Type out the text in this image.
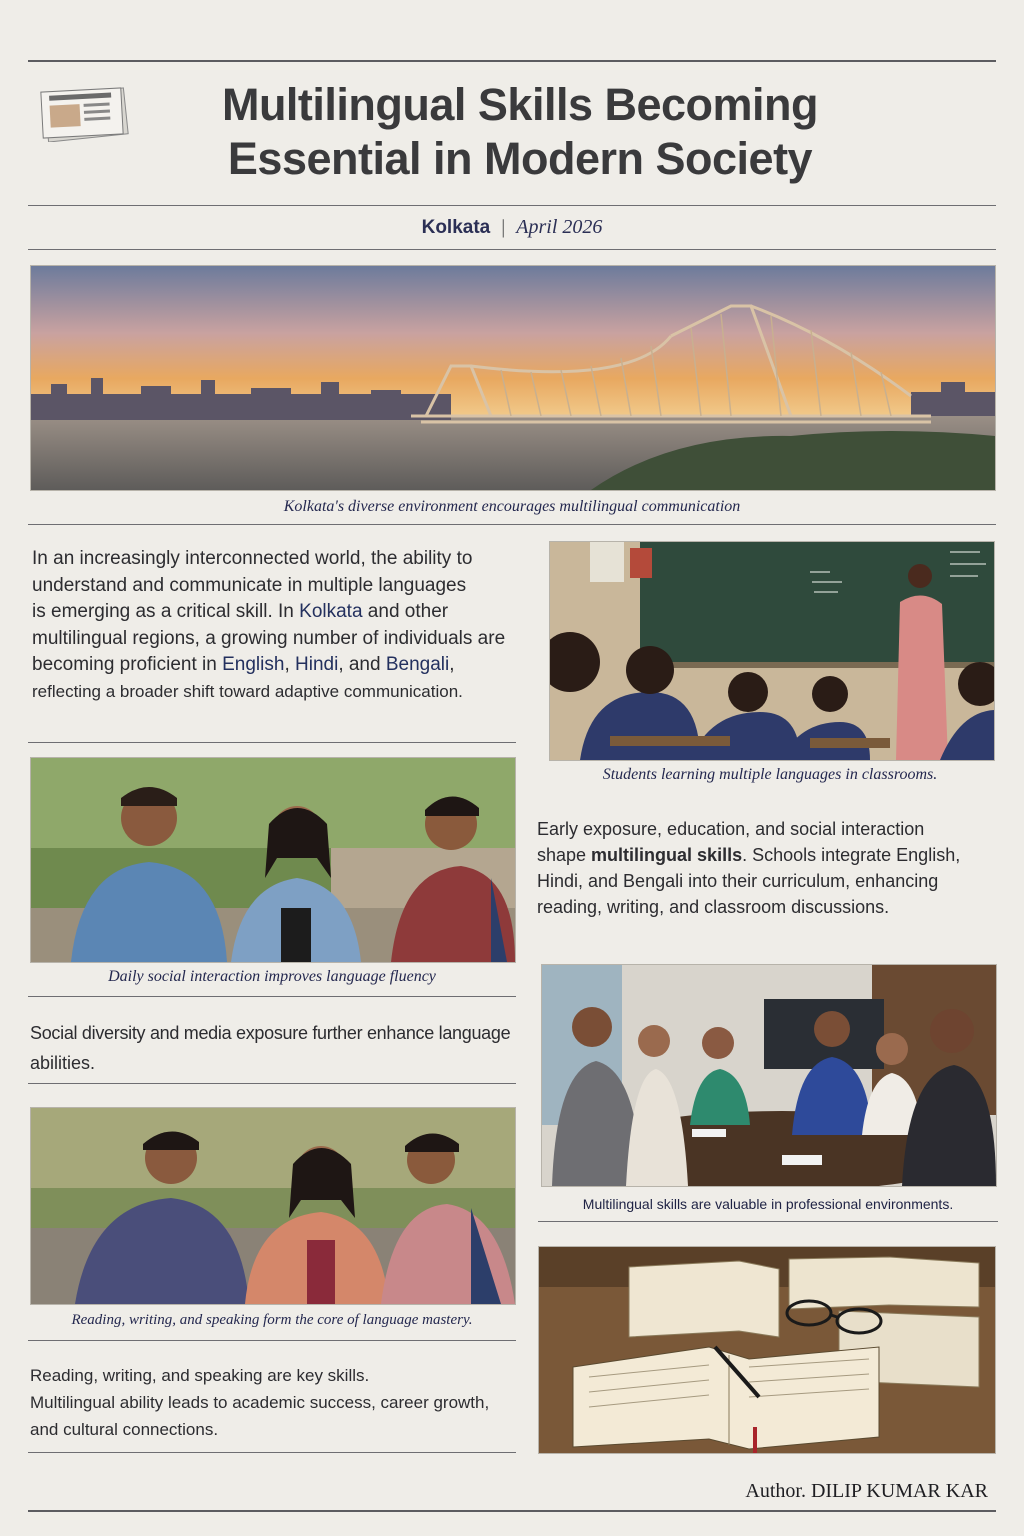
Multilingual Skills Becoming
Essential in Modern Society
Kolkata | April 2026
Kolkata's diverse environment encourages multilingual communication
In an increasingly interconnected world, the ability to
understand and communicate in multiple languages
is emerging as a critical skill. In Kolkata and other
multilingual regions, a growing number of individuals are
becoming proficient in English, Hindi, and Bengali,
reflecting a broader shift toward adaptive communication.
Students learning multiple languages in classrooms.
Daily social interaction improves language fluency
Early exposure, education, and social interaction
shape multilingual skills. Schools integrate English,
Hindi, and Bengali into their curriculum, enhancing
reading, writing, and classroom discussions.
Social diversity and media exposure further enhance language
abilities.
Multilingual skills are valuable in professional environments.
Reading, writing, and speaking form the core of language mastery.
Reading, writing, and speaking are key skills.
Multilingual ability leads to academic success, career growth,
and cultural connections.
Author. DILIP KUMAR KAR
